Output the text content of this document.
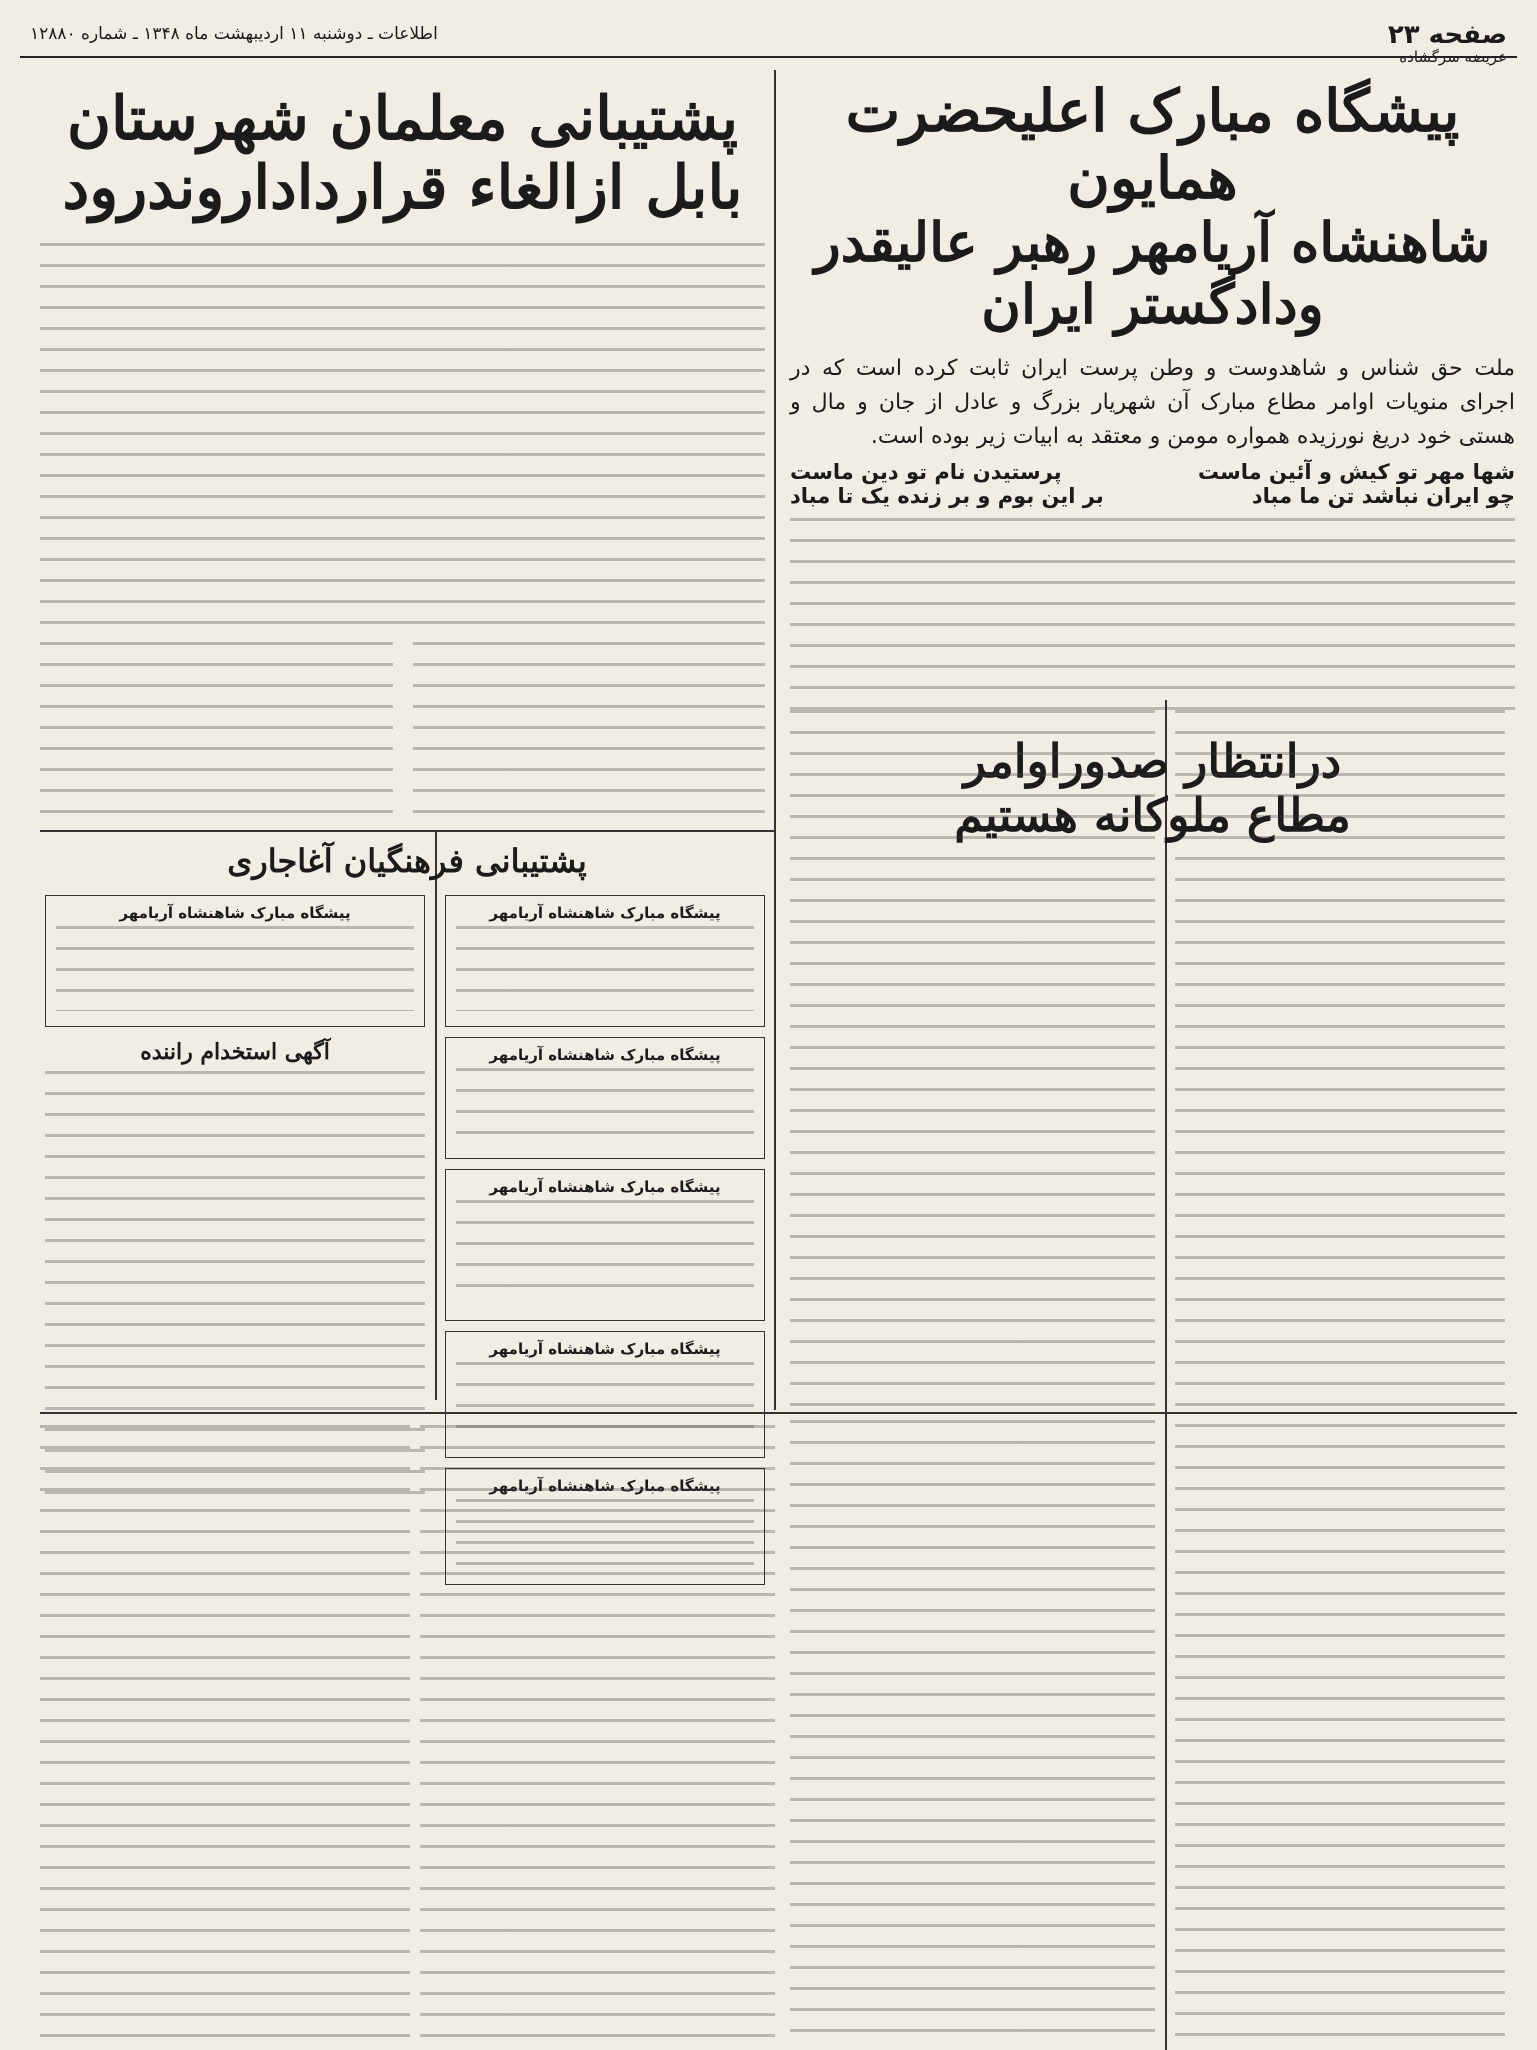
صفحه ۲۳
عریضه سرگشاده
اطلاعات ـ دوشنبه ۱۱ اردیبهشت ماه ۱۳۴۸ ـ شماره ۱۲۸۸۰
پیشگاه مبارک اعلیحضرت همایون
شاهنشاه آریامهر رهبر عالیقدر
ودادگستر ایران
ملت حق شناس و شاهدوست و وطن پرست ایران ثابت کرده است که در اجرای منویات اوامر مطاع مبارک آن شهریار بزرگ و عادل از جان و مال و هستی خود دریغ نورزیده همواره مومن و معتقد به ابیات زیر بوده است.
شها مهر تو کیش و آئین ماست
پرستیدن نام تو دین ماست
چو ایران نباشد تن ما مباد
بر این بوم و بر زنده یک تا مباد
درانتظار صدوراوامر
مطاع ملوکانه هستیم
پشتیبانی معلمان شهرستان
بابل ازالغاء قرارداداروندرود
پشتیبانی فرهنگیان آغاجاری
پیشگاه مبارک شاهنشاه آریامهر
پیشگاه مبارک شاهنشاه آریامهر
پیشگاه مبارک شاهنشاه آریامهر
پیشگاه مبارک شاهنشاه آریامهر
پیشگاه مبارک شاهنشاه آریامهر
پیشگاه مبارک شاهنشاه آریامهر
آگهی استخدام راننده
